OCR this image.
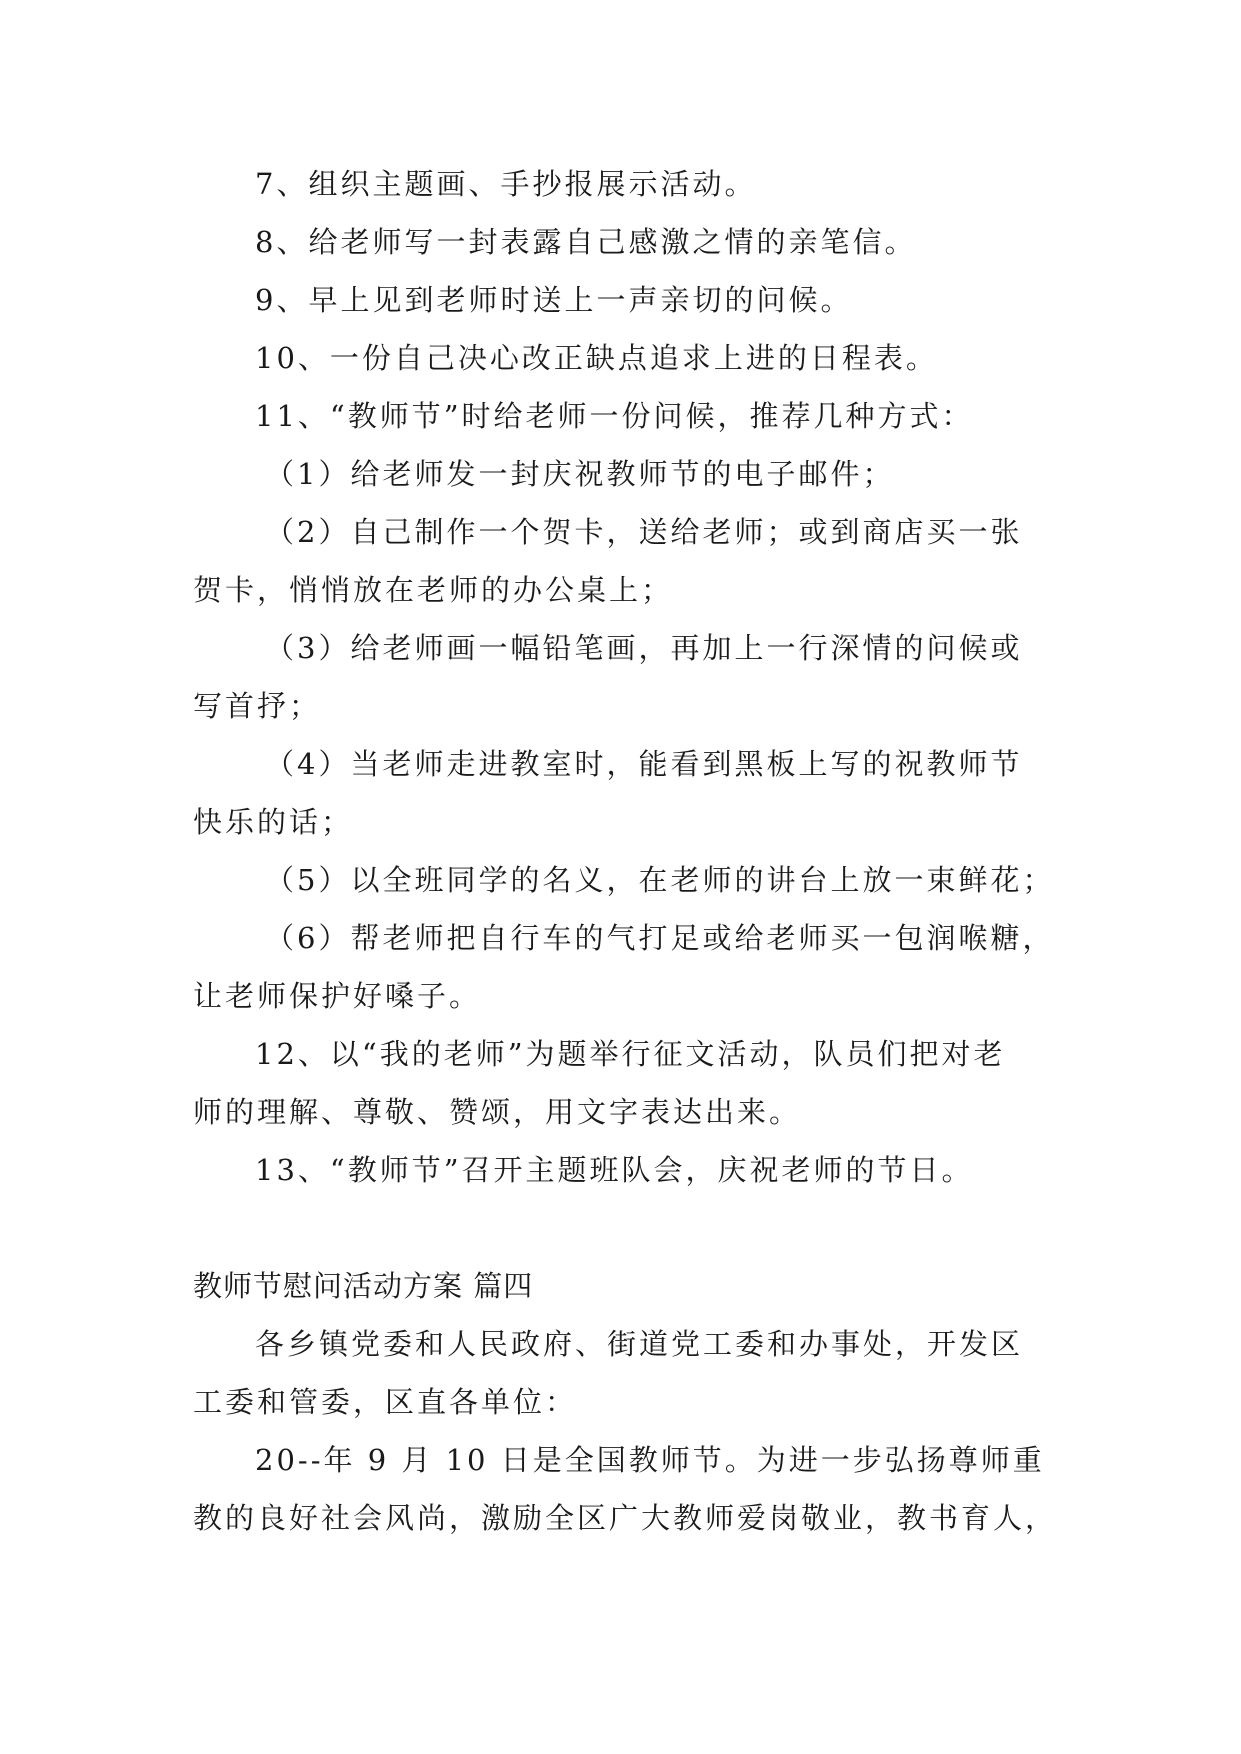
7、组织主题画、手抄报展示活动。
8、给老师写一封表露自己感激之情的亲笔信。
9、早上见到老师时送上一声亲切的问候。
10、一份自己决心改正缺点追求上进的日程表。
11、“教师节”时给老师一份问候，推荐几种方式：
（1）给老师发一封庆祝教师节的电子邮件；
（2）自己制作一个贺卡，送给老师；或到商店买一张
贺卡，悄悄放在老师的办公桌上；
（3）给老师画一幅铅笔画，再加上一行深情的问候或
写首抒；
（4）当老师走进教室时，能看到黑板上写的祝教师节
快乐的话；
（5）以全班同学的名义，在老师的讲台上放一束鲜花；
（6）帮老师把自行车的气打足或给老师买一包润喉糖，
让老师保护好嗓子。
12、以“我的老师”为题举行征文活动，队员们把对老
师的理解、尊敬、赞颂，用文字表达出来。
13、“教师节”召开主题班队会，庆祝老师的节日。
教师节慰问活动方案 篇四
各乡镇党委和人民政府、街道党工委和办事处，开发区
工委和管委，区直各单位：
20--年 9 月 10 日是全国教师节。为进一步弘扬尊师重
教的良好社会风尚，激励全区广大教师爱岗敬业，教书育人，
